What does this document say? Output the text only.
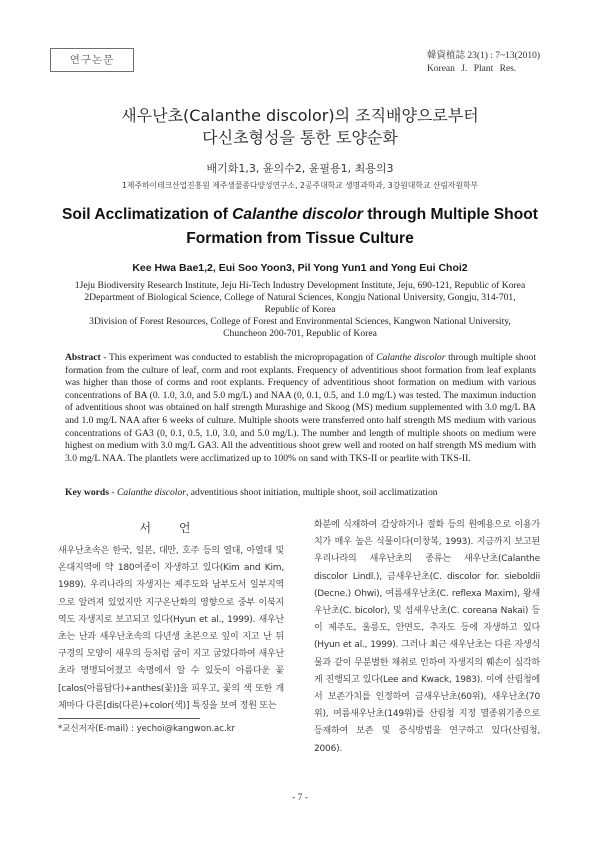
연구논문	韓資植誌 23(1) : 7~13(2010)
Korean J. Plant Res.
새우난초(Calanthe discolor)의 조직배양으로부터
다신초형성을 통한 토양순화
배기화1,3, 윤의수2, 윤필용1, 최용의3
1제주하이테크산업진흥원 제주생물종다양성연구소, 2공주대학교 생명과학과, 3강원대학교 산림자원학부
Soil Acclimatization of Calanthe discolor through Multiple Shoot
Formation from Tissue Culture
Kee Hwa Bae1,2, Eui Soo Yoon3, Pil Yong Yun1 and Yong Eui Choi2
1Jeju Biodiversity Research Institute, Jeju Hi-Tech Industry Development Institute, Jeju, 690-121, Republic of Korea
2Department of Biological Science, College of Natural Sciences, Kongju National University, Gongju, 314-701, Republic of Korea
3Division of Forest Resources, College of Forest and Environmental Sciences, Kangwon National University, Chuncheon 200-701, Republic of Korea
Abstract - This experiment was conducted to establish the micropropagation of Calanthe discolor through multiple shoot formation from the culture of leaf, corm and root explants. Frequency of adventitious shoot formation from leaf explants was higher than those of corms and root explants. Frequency of adventitious shoot formation on medium with various concentrations of BA (0. 1.0, 3.0, and 5.0 mg/L) and NAA (0, 0.1, 0.5, and 1.0 mg/L) was tested. The maximun induction of adventitious shoot was obtained on half strength Murashige and Skoog (MS) medium supplemented with 3.0 mg/L BA and 1.0 mg/L NAA after 6 weeks of culture. Multiple shoots were transferred onto half strength MS medium with various concentrations of GA3 (0, 0.1, 0.5, 1.0, 3.0, and 5.0 mg/L). The number and length of multiple shoots on medium were highest on medium with 3.0 mg/L GA3. All the adventitious shoot grew well and rooted on half strength MS medium with 3.0 mg/L NAA. The plantlets were acclimatized up to 100% on sand with TKS-II or pearlite with TKS-II.
Key words - Calanthe discolor, adventitious shoot initiation, multiple shoot, soil acclimatization
서 언

새우난초속은 한국, 일본, 대만, 호주 등의 열대, 아열대 및 온대지역에 약 180여종이 자생하고 있다(Kim and Kim, 1989). 우리나라의 자생지는 제주도와 남부도서 일부지역으로 알려져 있었지만 지구온난화의 영향으로 중부 이북지역도 자생지로 보고되고 있다(Hyun et al., 1999). 새우난초는 난과 새우난초속의 다년생 초본으로 잎이 지고 난 뒤 구경의 모양이 새우의 등처럼 굽이 지고 굽었다하여 새우난초라 명명되어졌고 속명에서 알 수 있듯이 아름다운 꽃[calos(아름답다)+anthes(꽃)]을 피우고, 꽃의 색 또한 개체마다 다른[dis(다른)+color(색)] 특징을 보여 정원 또는

화분에 식재하여 감상하거나 절화 등의 원예용으로 이용가치가 매우 높은 식물이다(이창복, 1993). 지금까지 보고된 우리나라의 새우난초의 종류는 새우난초(Calanthe discolor Lindl.), 금새우난초(C. discolor for. sieboldii (Decne.) Ohwi), 여름새우난초(C. reflexa Maxim), 왕새우난초(C. bicolor), 및 섬새우난초(C. coreana Nakai) 등이 제주도, 울릉도, 안면도, 추자도 등에 자생하고 있다(Hyun et al., 1999). 그러나 최근 새우난초는 다른 자생식물과 같이 무분별한 채취로 인하여 자생지의 훼손이 심각하게 진행되고 있다(Lee and Kwack, 1983). 이에 산림청에서 보존가치를 인정하여 금새우난초(60위), 새우난초(70위), 여름새우난초(149위)를 산림청 지정 멸종위기종으로 등재하여 보존 및 증식방법을 연구하고 있다(산림청, 2006).

*교신저자(E-mail) : yechoi@kangwon.ac.kr
- 7 -
